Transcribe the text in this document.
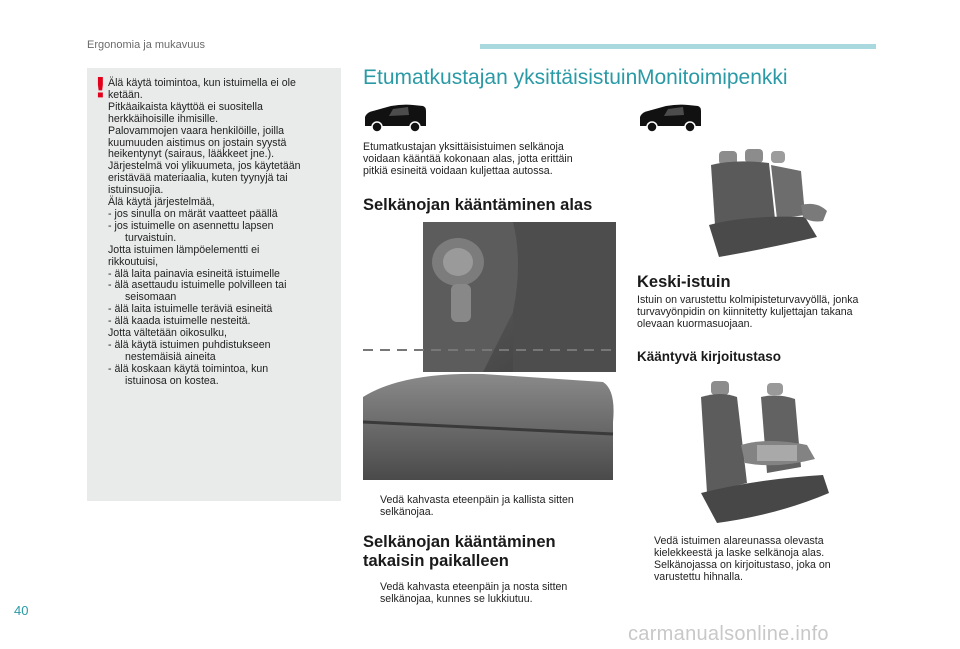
Ergonomia ja mukavuus
! Älä käytä toimintoa, kun istuimella ei ole
ketään.
Pitkäaikaista käyttöä ei suositella
herkkäihoisille ihmisille.
Palovammojen vaara henkilöille, joilla
kuumuuden aistimus on jostain syystä
heikentynyt (sairaus, lääkkeet jne.).
Järjestelmä voi ylikuumeta, jos käytetään
eristävää materiaalia, kuten tyynyjä tai
istuinsuojia.
Älä käytä järjestelmää,
- jos sinulla on märät vaatteet päällä
- jos istuimelle on asennettu lapsen
turvaistuin.
Jotta istuimen lämpöelementti ei
rikkoutuisi,
- älä laita painavia esineitä istuimelle
- älä asettaudu istuimelle polvilleen tai
seisomaan
- älä laita istuimelle teräviä esineitä
- älä kaada istuimelle nesteitä.
Jotta vältetään oikosulku,
- älä käytä istuimen puhdistukseen
nestemäisiä aineita
- älä koskaan käytä toimintoa, kun
istuinosa on kostea.
Etumatkustajan yksittäisistuin
Etumatkustajan yksittäisistuimen selkänoja
voidaan kääntää kokonaan alas, jotta erittäin
pitkiä esineitä voidaan kuljettaa autossa.
Selkänojan kääntäminen alas
Vedä kahvasta eteenpäin ja kallista sitten
selkänojaa.
Selkänojan kääntäminen
takaisin paikalleen
Vedä kahvasta eteenpäin ja nosta sitten
selkänojaa, kunnes se lukkiutuu.
Monitoimipenkki
Keski-istuin
Istuin on varustettu kolmipisteturvavyöllä, jonka
turvavyönpidin on kiinnitetty kuljettajan takana
olevaan kuormasuojaan.
Kääntyvä kirjoitustaso
Vedä istuimen alareunassa olevasta
kielekkeestä ja laske selkänoja alas.
Selkänojassa on kirjoitustaso, joka on
varustettu hihnalla.
40
carmanualsonline.info
